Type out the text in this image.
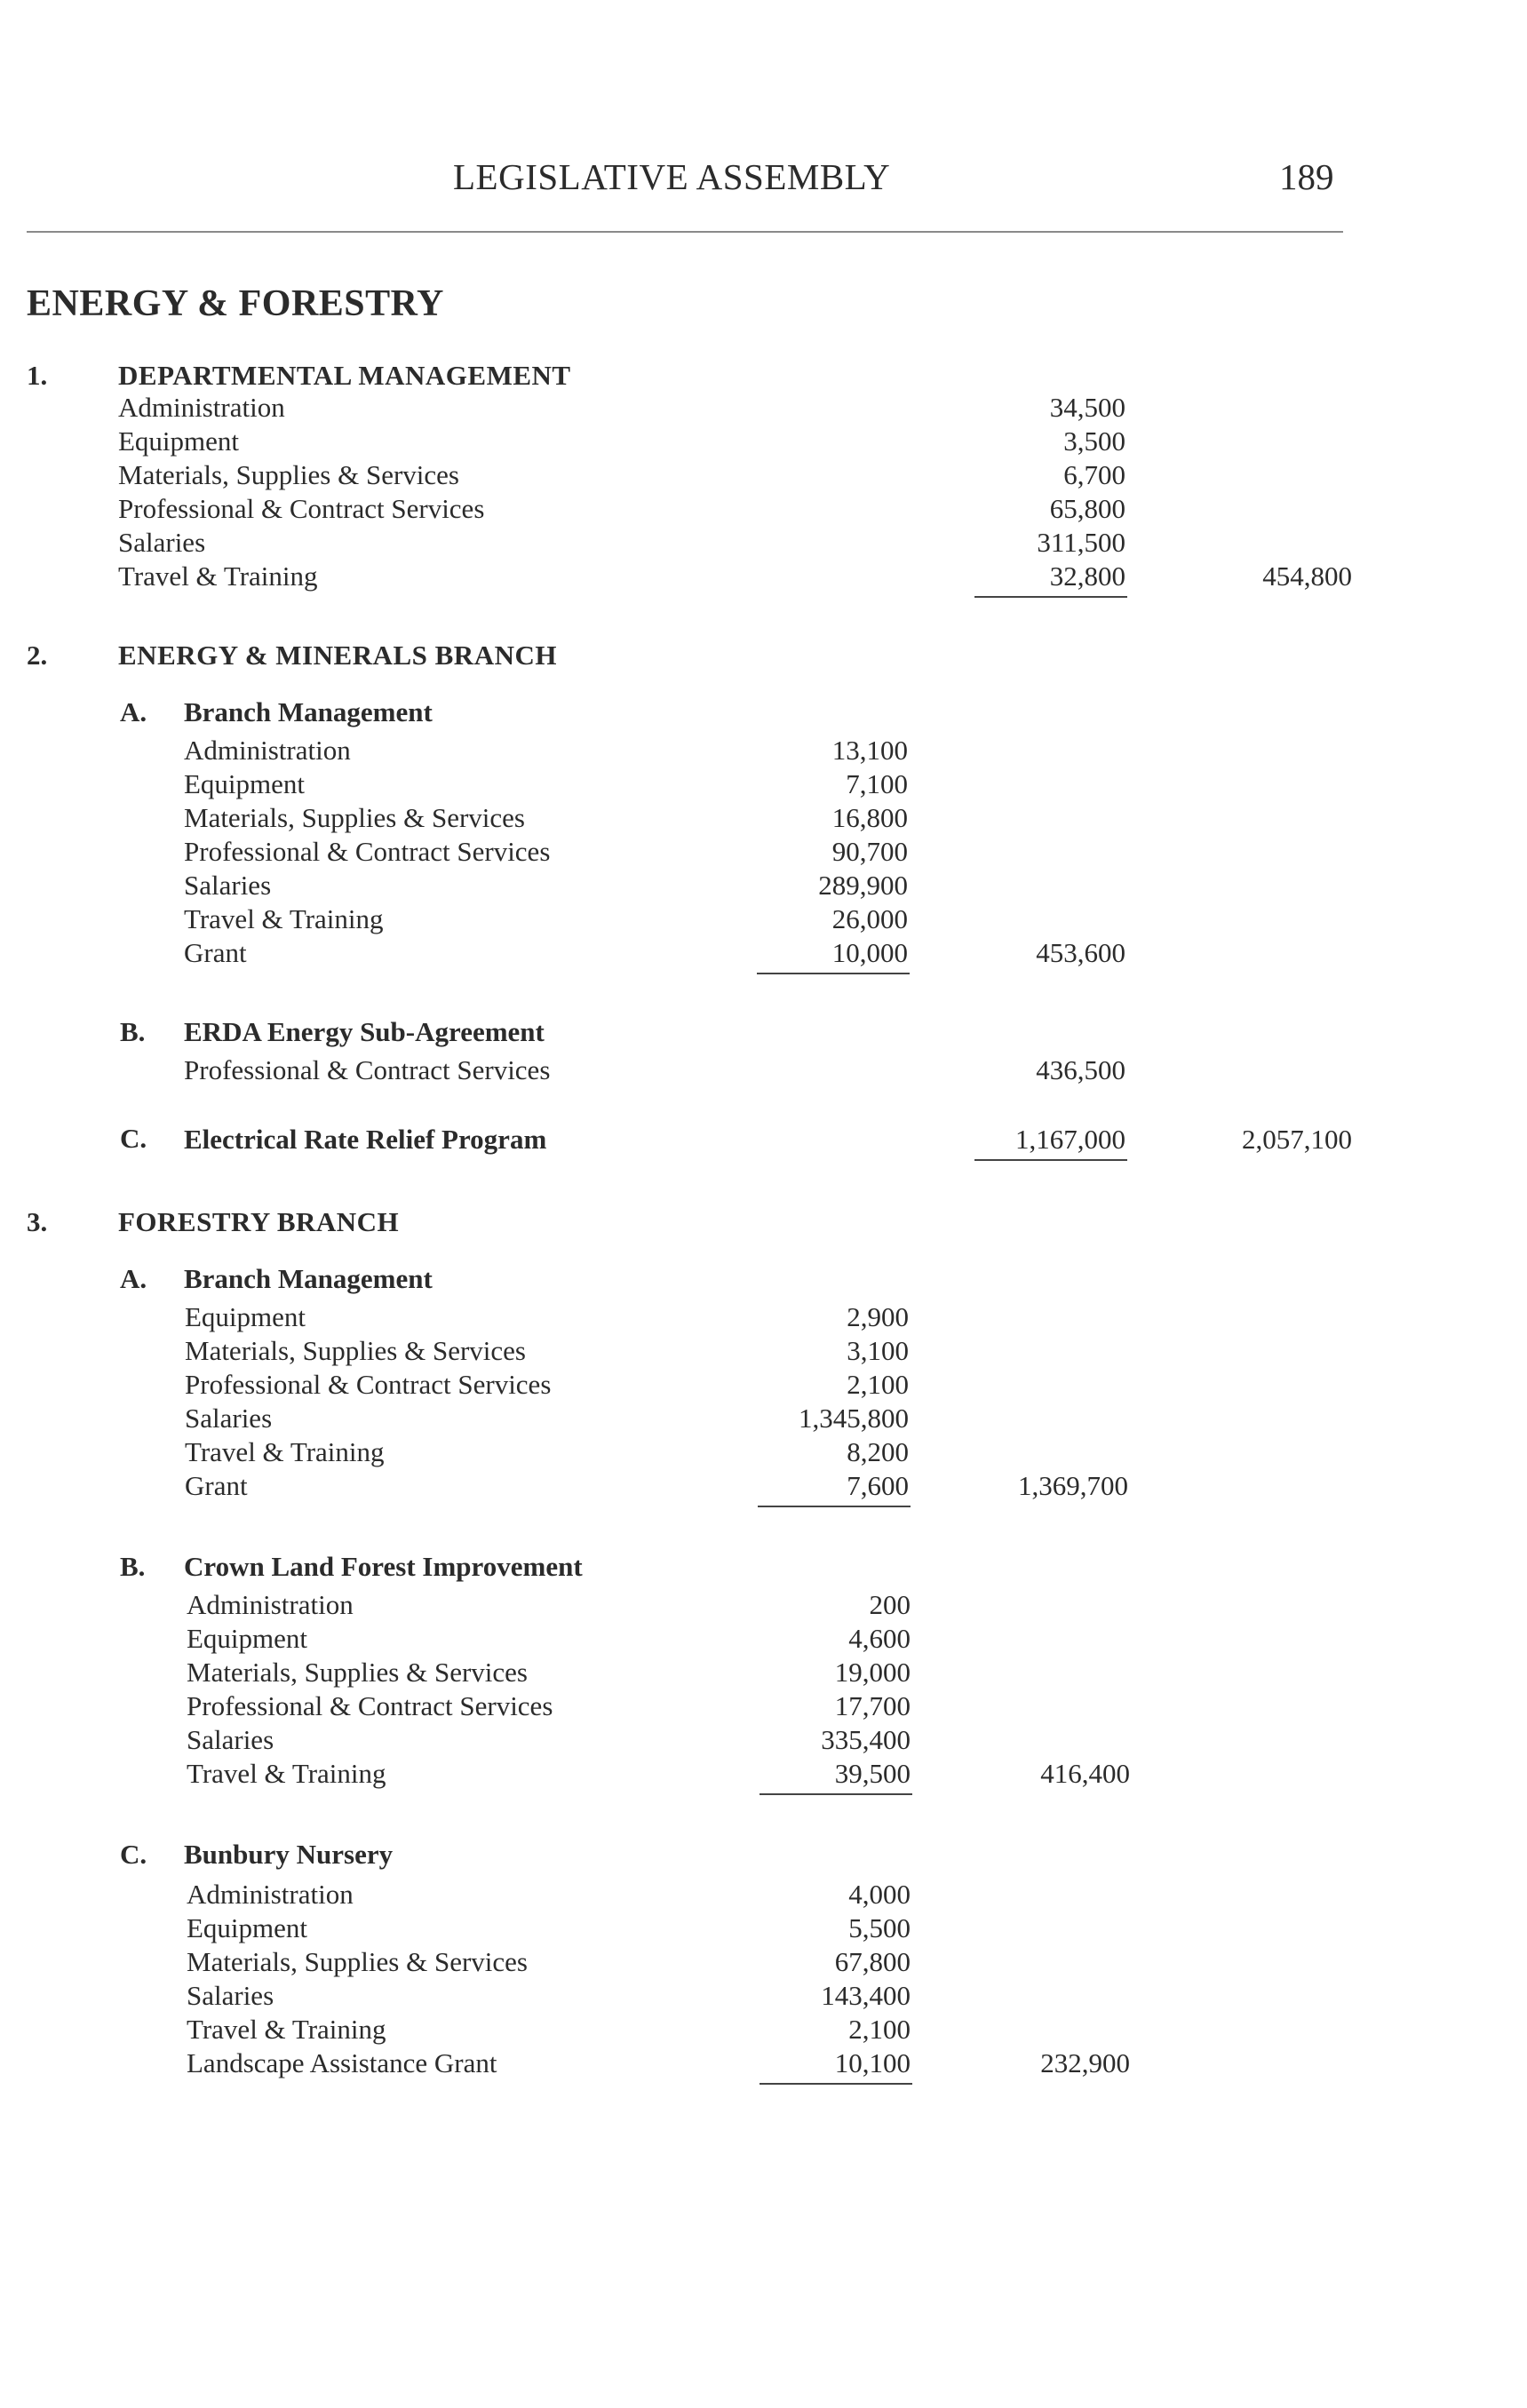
LEGISLATIVE ASSEMBLY	189
ENERGY & FORESTRY
1.	DEPARTMENTAL MANAGEMENT
Administration	34,500
Equipment	3,500
Materials, Supplies & Services	6,700
Professional & Contract Services	65,800
Salaries	311,500
Travel & Training	32,800	454,800
2.	ENERGY & MINERALS BRANCH
A. Branch Management
Administration	13,100
Equipment	7,100
Materials, Supplies & Services	16,800
Professional & Contract Services	90,700
Salaries	289,900
Travel & Training	26,000
Grant	10,000	453,600
B. ERDA Energy Sub-Agreement
Professional & Contract Services	436,500
C. Electrical Rate Relief Program	1,167,000	2,057,100
3.	FORESTRY BRANCH
A. Branch Management
Equipment	2,900
Materials, Supplies & Services	3,100
Professional & Contract Services	2,100
Salaries	1,345,800
Travel & Training	8,200
Grant	7,600	1,369,700
B. Crown Land Forest Improvement
Administration	200
Equipment	4,600
Materials, Supplies & Services	19,000
Professional & Contract Services	17,700
Salaries	335,400
Travel & Training	39,500	416,400
C. Bunbury Nursery
Administration	4,000
Equipment	5,500
Materials, Supplies & Services	67,800
Salaries	143,400
Travel & Training	2,100
Landscape Assistance Grant	10,100	232,900
